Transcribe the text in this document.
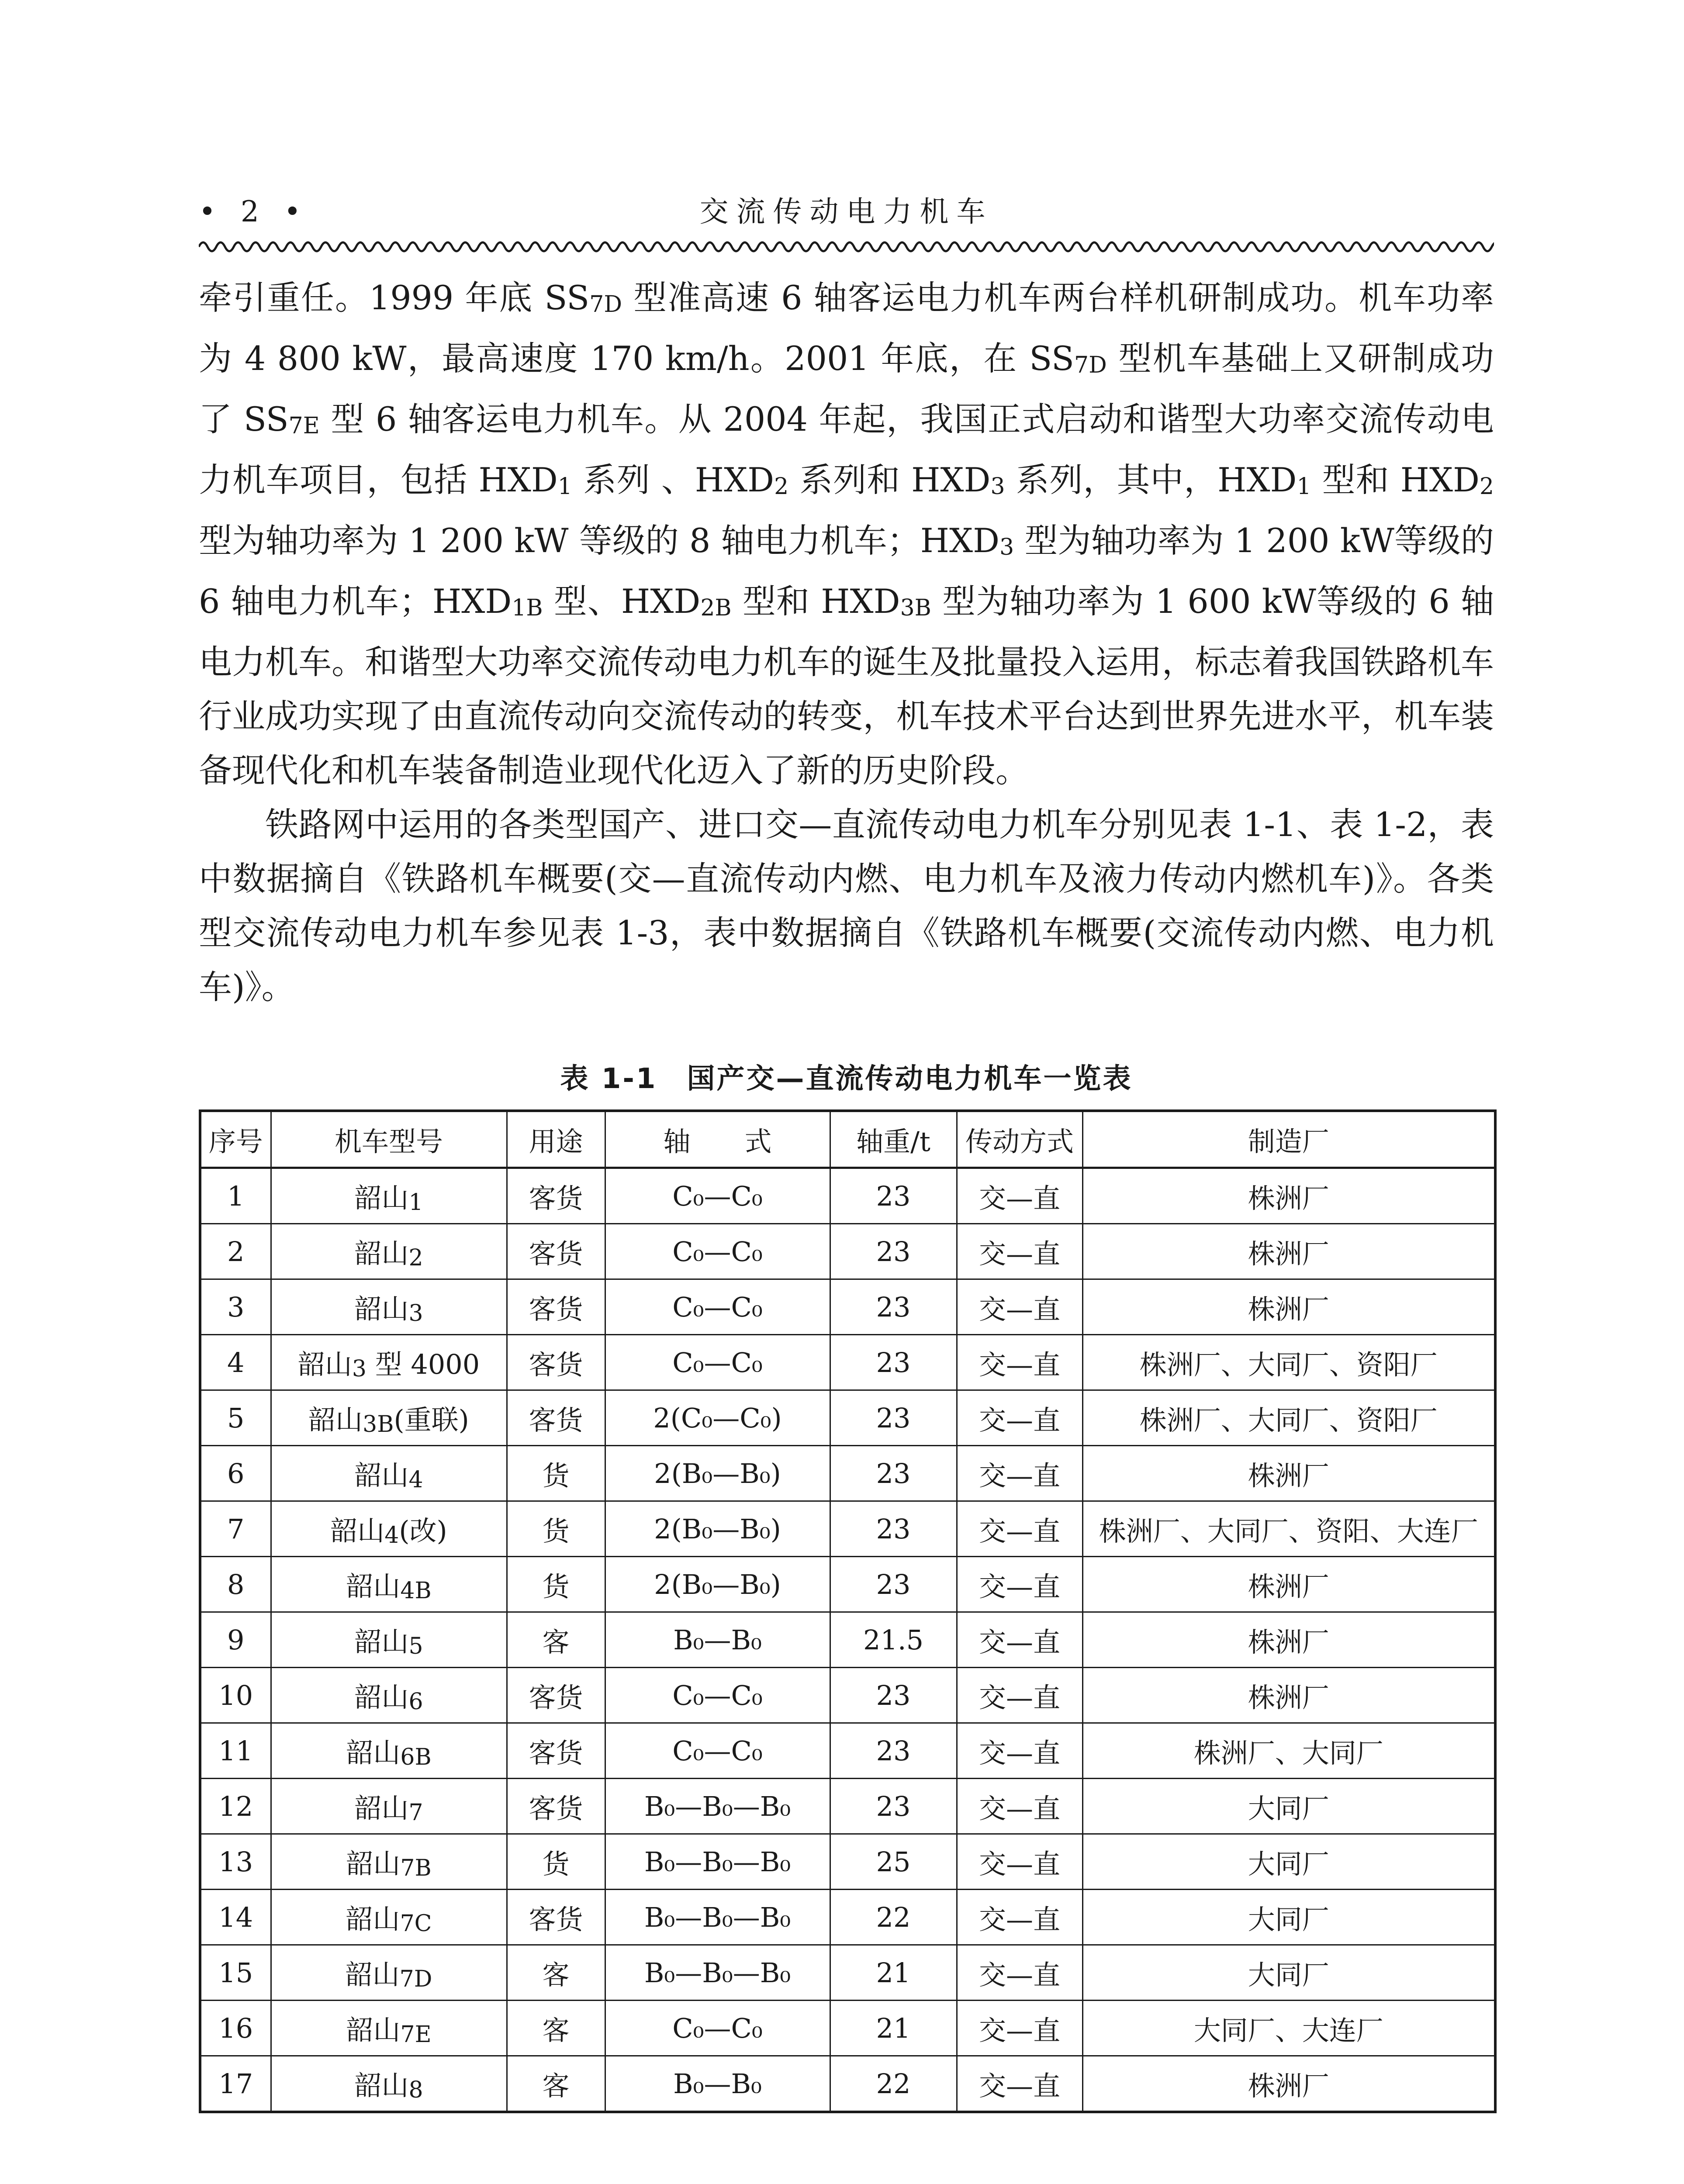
• 2 •	交流传动电力机车

牵引重任。1999 年底 SS7D 型准高速 6 轴客运电力机车两台样机研制成功。机车功率为 4 800 kW，最高速度 170 km/h。2001 年底，在 SS7D 型机车基础上又研制成功了 SS7E 型 6 轴客运电力机车。从 2004 年起，我国正式启动和谐型大功率交流传动电力机车项目，包括 HXD1 系列 、HXD2 系列和 HXD3 系列，其中，HXD1 型和 HXD2 型为轴功率为 1 200 kW 等级的 8 轴电力机车；HXD3 型为轴功率为 1 200 kW等级的 6 轴电力机车；HXD1B 型、HXD2B 型和 HXD3B 型为轴功率为 1 600 kW等级的 6 轴电力机车。和谐型大功率交流传动电力机车的诞生及批量投入运用，标志着我国铁路机车行业成功实现了由直流传动向交流传动的转变，机车技术平台达到世界先进水平，机车装备现代化和机车装备制造业现代化迈入了新的历史阶段。

铁路网中运用的各类型国产、进口交—直流传动电力机车分别见表 1-1、表 1-2，表中数据摘自《铁路机车概要(交—直流传动内燃、电力机车及液力传动内燃机车)》。各类型交流传动电力机车参见表 1-3，表中数据摘自《铁路机车概要(交流传动内燃、电力机车)》。

表 1-1　国产交—直流传动电力机车一览表
序号	机车型号	用途	轴　　式	轴重/t	传动方式	制造厂
1	韶山1	客货	C₀—C₀	23	交—直	株洲厂
2	韶山2	客货	C₀—C₀	23	交—直	株洲厂
3	韶山3	客货	C₀—C₀	23	交—直	株洲厂
4	韶山3 型 4000	客货	C₀—C₀	23	交—直	株洲厂、大同厂、资阳厂
5	韶山3B(重联)	客货	2(C₀—C₀)	23	交—直	株洲厂、大同厂、资阳厂
6	韶山4	货	2(B₀—B₀)	23	交—直	株洲厂
7	韶山4(改)	货	2(B₀—B₀)	23	交—直	株洲厂、大同厂、资阳、大连厂
8	韶山4B	货	2(B₀—B₀)	23	交—直	株洲厂
9	韶山5	客	B₀—B₀	21.5	交—直	株洲厂
10	韶山6	客货	C₀—C₀	23	交—直	株洲厂
11	韶山6B	客货	C₀—C₀	23	交—直	株洲厂、大同厂
12	韶山7	客货	B₀—B₀—B₀	23	交—直	大同厂
13	韶山7B	货	B₀—B₀—B₀	25	交—直	大同厂
14	韶山7C	客货	B₀—B₀—B₀	22	交—直	大同厂
15	韶山7D	客	B₀—B₀—B₀	21	交—直	大同厂
16	韶山7E	客	C₀—C₀	21	交—直	大同厂、大连厂
17	韶山8	客	B₀—B₀	22	交—直	株洲厂
